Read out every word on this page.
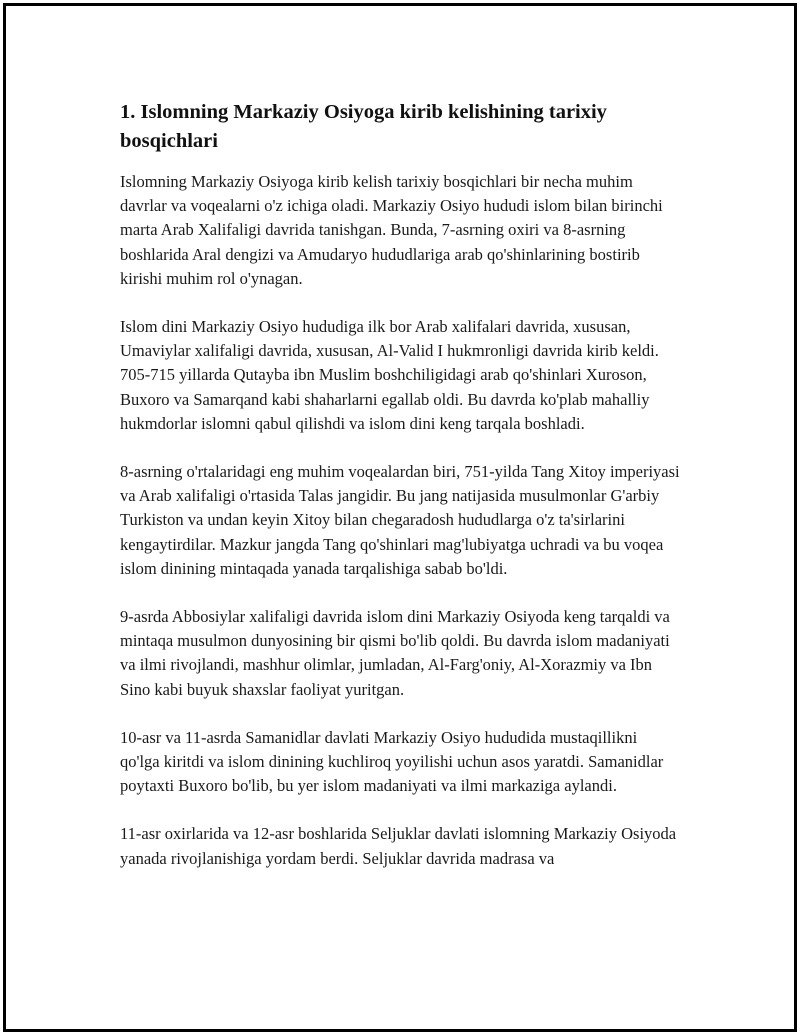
1. Islomning Markaziy Osiyoga kirib kelishining tarixiy bosqichlari

Islomning Markaziy Osiyoga kirib kelish tarixiy bosqichlari bir necha muhim davrlar va voqealarni o'z ichiga oladi. Markaziy Osiyo hududi islom bilan birinchi marta Arab Xalifaligi davrida tanishgan. Bunda, 7-asrning oxiri va 8-asrning boshlarida Aral dengizi va Amudaryo hududlariga arab qo'shinlarining bostirib kirishi muhim rol o'ynagan.

Islom dini Markaziy Osiyo hududiga ilk bor Arab xalifalari davrida, xususan, Umaviylar xalifaligi davrida, xususan, Al-Valid I hukmronligi davrida kirib keldi. 705-715 yillarda Qutayba ibn Muslim boshchiligidagi arab qo'shinlari Xuroson, Buxoro va Samarqand kabi shaharlarni egallab oldi. Bu davrda ko'plab mahalliy hukmdorlar islomni qabul qilishdi va islom dini keng tarqala boshladi.

8-asrning o'rtalaridagi eng muhim voqealardan biri, 751-yilda Tang Xitoy imperiyasi va Arab xalifaligi o'rtasida Talas jangidir. Bu jang natijasida musulmonlar G'arbiy Turkiston va undan keyin Xitoy bilan chegaradosh hududlarga o'z ta'sirlarini kengaytirdilar. Mazkur jangda Tang qo'shinlari mag'lubiyatga uchradi va bu voqea islom dinining mintaqada yanada tarqalishiga sabab bo'ldi.

9-asrda Abbosiylar xalifaligi davrida islom dini Markaziy Osiyoda keng tarqaldi va mintaqa musulmon dunyosining bir qismi bo'lib qoldi. Bu davrda islom madaniyati va ilmi rivojlandi, mashhur olimlar, jumladan, Al-Farg'oniy, Al-Xorazmiy va Ibn Sino kabi buyuk shaxslar faoliyat yuritgan.

10-asr va 11-asrda Samanidlar davlati Markaziy Osiyo hududida mustaqillikni qo'lga kiritdi va islom dinining kuchliroq yoyilishi uchun asos yaratdi. Samanidlar poytaxti Buxoro bo'lib, bu yer islom madaniyati va ilmi markaziga aylandi.

11-asr oxirlarida va 12-asr boshlarida Seljuklar davlati islomning Markaziy Osiyoda yanada rivojlanishiga yordam berdi. Seljuklar davrida madrasa va
